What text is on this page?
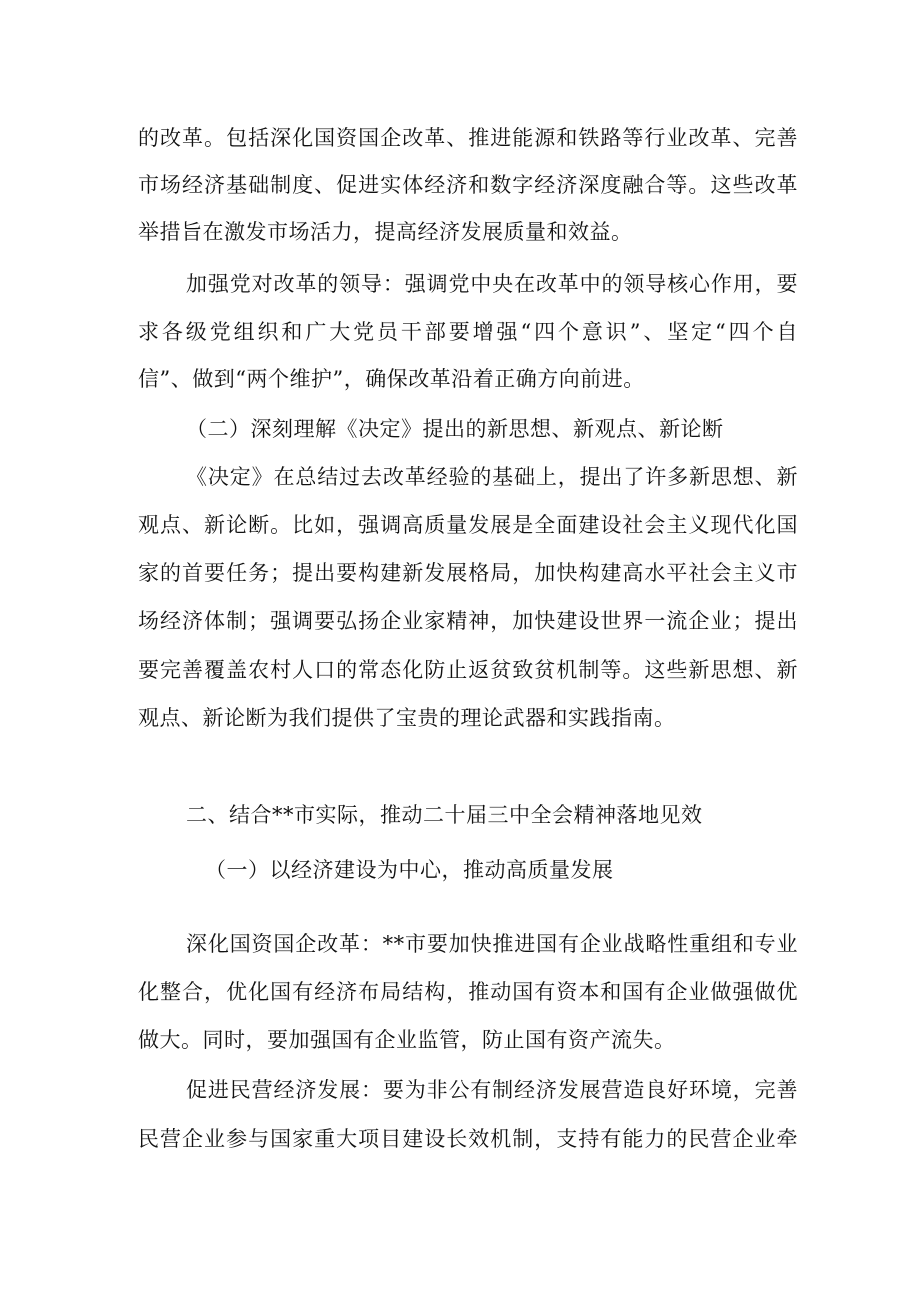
的改革。包括深化国资国企改革、推进能源和铁路等行业改革、完善
市场经济基础制度、促进实体经济和数字经济深度融合等。这些改革
举措旨在激发市场活力，提高经济发展质量和效益。
加强党对改革的领导：强调党中央在改革中的领导核心作用，要
求各级党组织和广大党员干部要增强“四个意识”、坚定“四个自
信”、做到“两个维护”，确保改革沿着正确方向前进。
（二）深刻理解《决定》提出的新思想、新观点、新论断
《决定》在总结过去改革经验的基础上，提出了许多新思想、新
观点、新论断。比如，强调高质量发展是全面建设社会主义现代化国
家的首要任务；提出要构建新发展格局，加快构建高水平社会主义市
场经济体制；强调要弘扬企业家精神，加快建设世界一流企业；提出
要完善覆盖农村人口的常态化防止返贫致贫机制等。这些新思想、新
观点、新论断为我们提供了宝贵的理论武器和实践指南。
二、结合**市实际，推动二十届三中全会精神落地见效
（一）以经济建设为中心，推动高质量发展
深化国资国企改革：**市要加快推进国有企业战略性重组和专业
化整合，优化国有经济布局结构，推动国有资本和国有企业做强做优
做大。同时，要加强国有企业监管，防止国有资产流失。
促进民营经济发展：要为非公有制经济发展营造良好环境，完善
民营企业参与国家重大项目建设长效机制，支持有能力的民营企业牵
